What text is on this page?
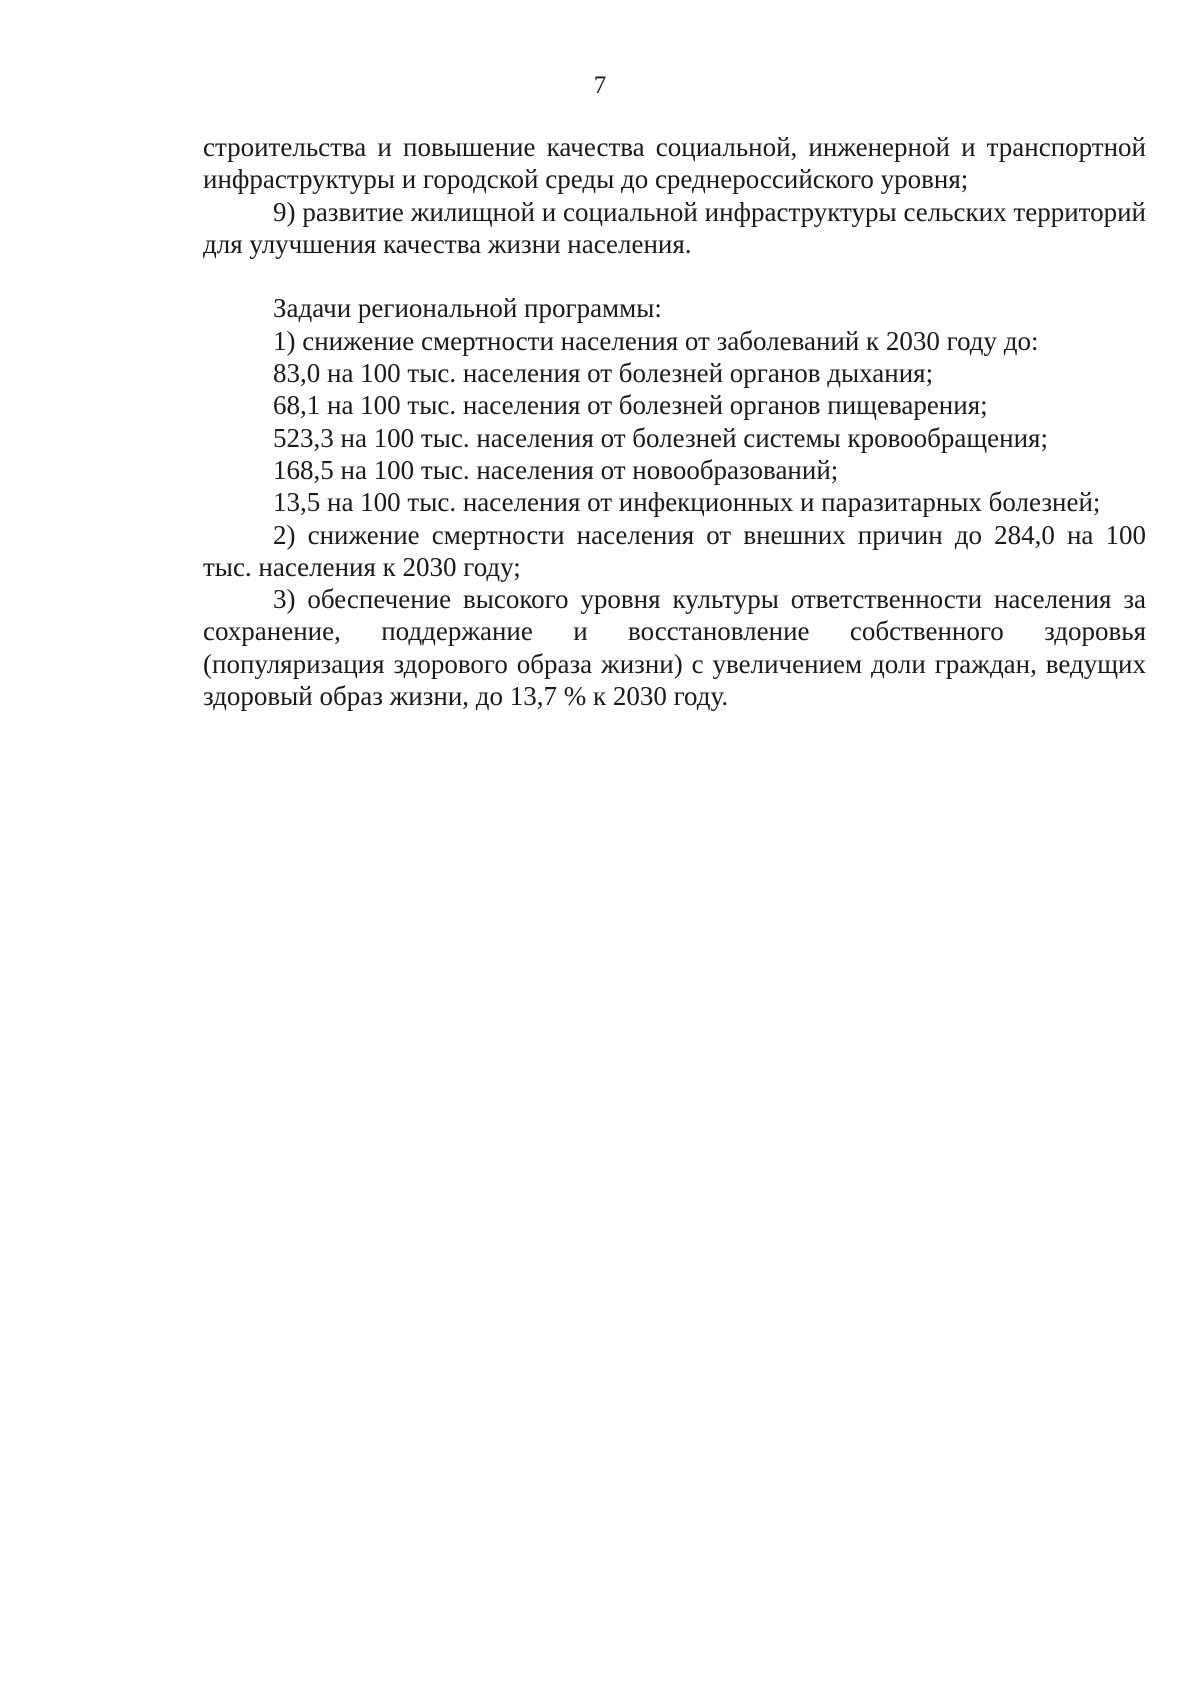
7

строительства и повышение качества социальной, инженерной и транспортной инфраструктуры и городской среды до среднероссийского уровня;

9) развитие жилищной и социальной инфраструктуры сельских территорий для улучшения качества жизни населения.

Задачи региональной программы:

1) снижение смертности населения от заболеваний к 2030 году до:

83,0 на 100 тыс. населения от болезней органов дыхания;

68,1 на 100 тыс. населения от болезней органов пищеварения;

523,3 на 100 тыс. населения от болезней системы кровообращения;

168,5 на 100 тыс. населения от новообразований;

13,5 на 100 тыс. населения от инфекционных и паразитарных болезней;

2) снижение смертности населения от внешних причин до 284,0 на 100 тыс. населения к 2030 году;

3) обеспечение высокого уровня культуры ответственности населения за сохранение, поддержание и восстановление собственного здоровья (популяризация здорового образа жизни) с увеличением доли граждан, ведущих здоровый образ жизни, до 13,7 % к 2030 году.
